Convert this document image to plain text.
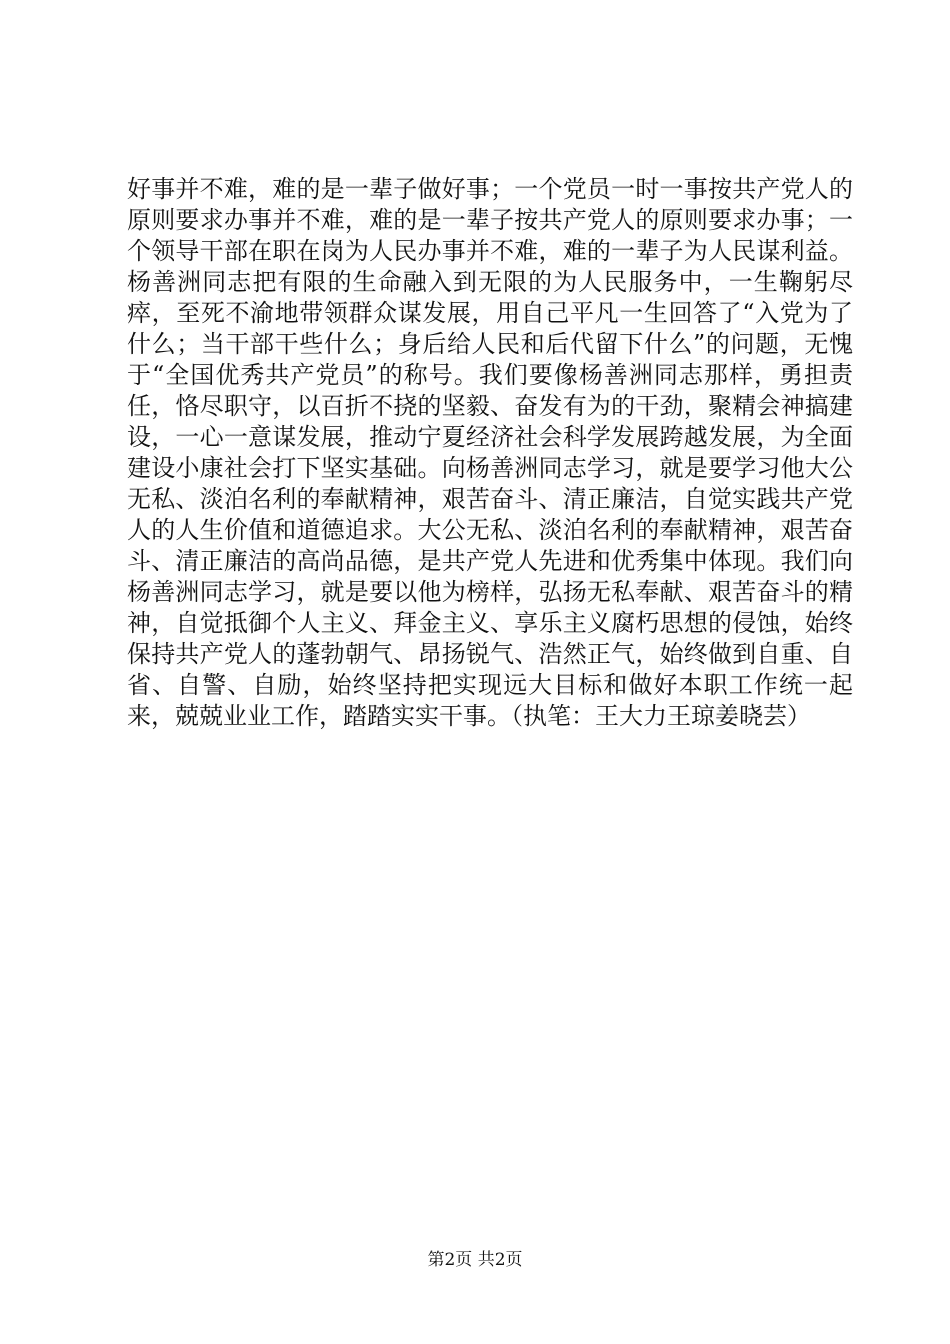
好事并不难，难的是一辈子做好事；一个党员一时一事按共产党人的原则要求办事并不难，难的是一辈子按共产党人的原则要求办事；一个领导干部在职在岗为人民办事并不难，难的一辈子为人民谋利益。杨善洲同志把有限的生命融入到无限的为人民服务中，一生鞠躬尽瘁，至死不渝地带领群众谋发展，用自己平凡一生回答了“入党为了什么；当干部干些什么；身后给人民和后代留下什么”的问题，无愧于“全国优秀共产党员”的称号。我们要像杨善洲同志那样，勇担责任，恪尽职守，以百折不挠的坚毅、奋发有为的干劲，聚精会神搞建设，一心一意谋发展，推动宁夏经济社会科学发展跨越发展，为全面建设小康社会打下坚实基础。向杨善洲同志学习，就是要学习他大公无私、淡泊名利的奉献精神，艰苦奋斗、清正廉洁，自觉实践共产党人的人生价值和道德追求。大公无私、淡泊名利的奉献精神，艰苦奋斗、清正廉洁的高尚品德，是共产党人先进和优秀集中体现。我们向杨善洲同志学习，就是要以他为榜样，弘扬无私奉献、艰苦奋斗的精神，自觉抵御个人主义、拜金主义、享乐主义腐朽思想的侵蚀，始终保持共产党人的蓬勃朝气、昂扬锐气、浩然正气，始终做到自重、自省、自警、自励，始终坚持把实现远大目标和做好本职工作统一起来，兢兢业业工作，踏踏实实干事。（执笔：王大力王琼姜晓芸）

第2页 共2页
